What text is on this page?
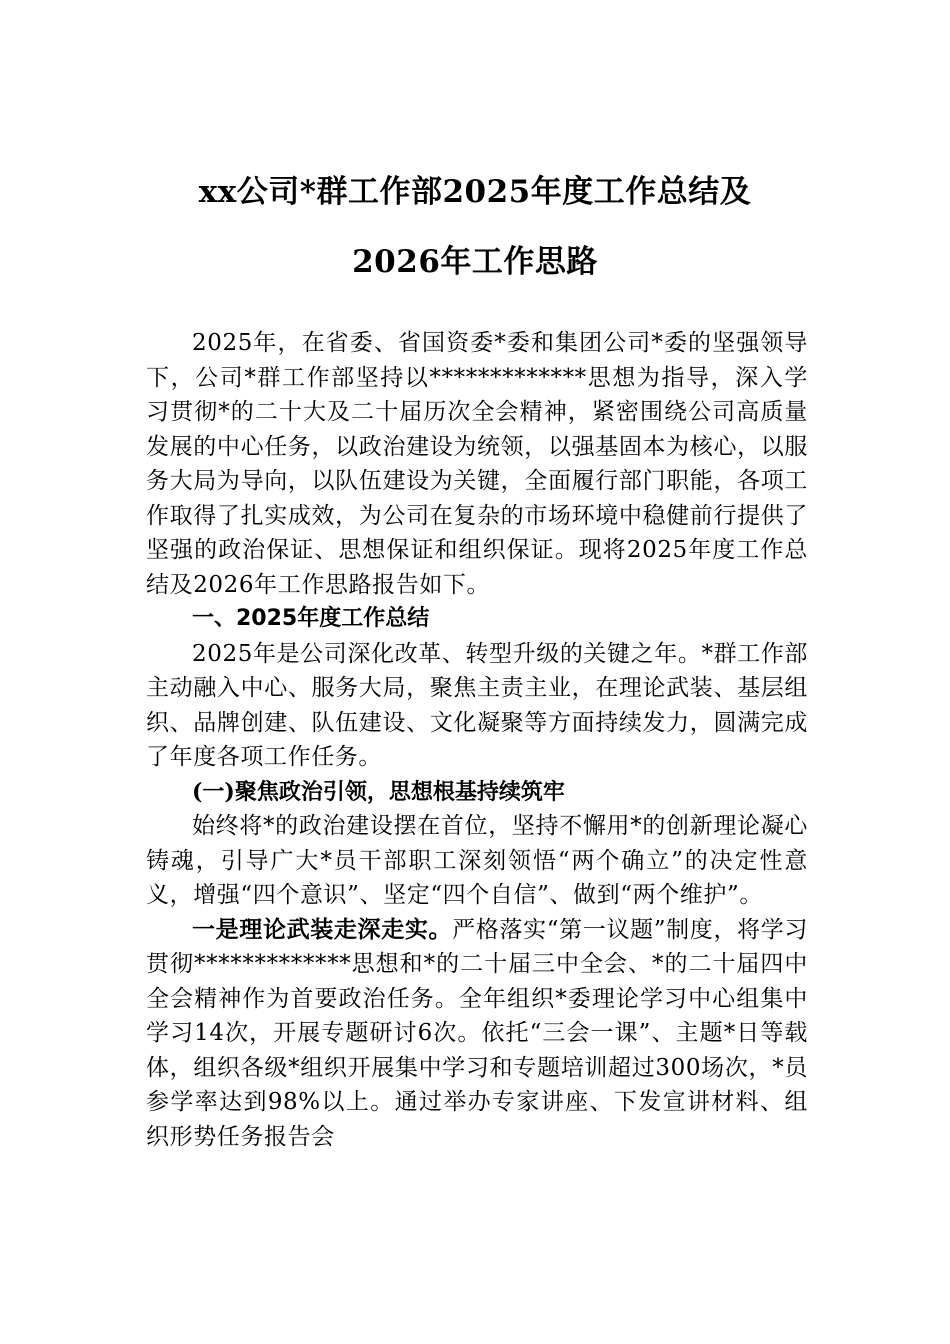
xx公司*群工作部2025年度工作总结及
2026年工作思路

2025年，在省委、省国资委*委和集团公司*委的坚强领导下，公司*群工作部坚持以*************思想为指导，深入学习贯彻*的二十大及二十届历次全会精神，紧密围绕公司高质量发展的中心任务，以政治建设为统领，以强基固本为核心，以服务大局为导向，以队伍建设为关键，全面履行部门职能，各项工作取得了扎实成效，为公司在复杂的市场环境中稳健前行提供了坚强的政治保证、思想保证和组织保证。现将2025年度工作总结及2026年工作思路报告如下。

一、2025年度工作总结

2025年是公司深化改革、转型升级的关键之年。*群工作部主动融入中心、服务大局，聚焦主责主业，在理论武装、基层组织、品牌创建、队伍建设、文化凝聚等方面持续发力，圆满完成了年度各项工作任务。

(一)聚焦政治引领，思想根基持续筑牢

始终将*的政治建设摆在首位，坚持不懈用*的创新理论凝心铸魂，引导广大*员干部职工深刻领悟“两个确立”的决定性意义，增强“四个意识”、坚定“四个自信”、做到“两个维护”。

一是理论武装走深走实。严格落实“第一议题”制度，将学习贯彻*************思想和*的二十届三中全会、*的二十届四中全会精神作为首要政治任务。全年组织*委理论学习中心组集中学习14次，开展专题研讨6次。依托“三会一课”、主题*日等载体，组织各级*组织开展集中学习和专题培训超过300场次，*员参学率达到98%以上。通过举办专家讲座、下发宣讲材料、组织形势任务报告会
